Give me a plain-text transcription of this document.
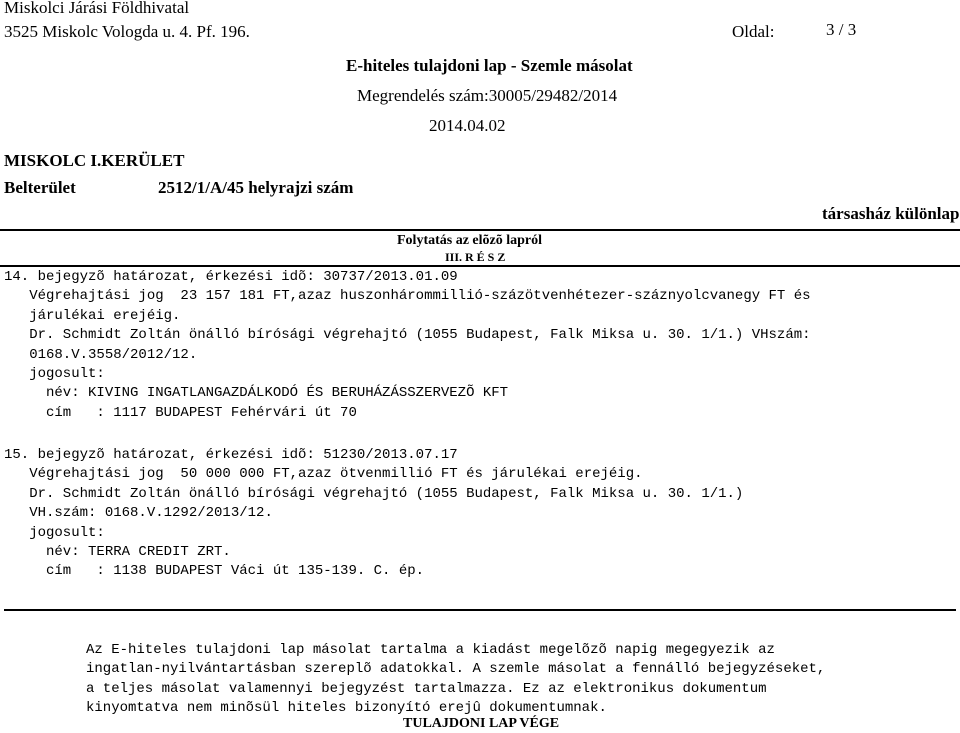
Miskolci Járási Földhivatal
3525 Miskolc Vologda u. 4. Pf. 196.	Oldal:	3 / 3
E-hiteles tulajdoni lap - Szemle másolat
Megrendelés szám:30005/29482/2014
2014.04.02
MISKOLC I.KERÜLET
Belterület	2512/1/A/45 helyrajzi szám
társasház különlap
Folytatás az elõzõ lapról
III. R É S Z
14. bejegyzõ határozat, érkezési idõ: 30737/2013.01.09
Végrehajtási jog  23 157 181 FT,azaz huszonhárommillió-százötvenhétezer-száznyolcvanegy FT és
járulékai erejéig.
Dr. Schmidt Zoltán önálló bírósági végrehajtó (1055 Budapest, Falk Miksa u. 30. 1/1.) VHszám:
0168.V.3558/2012/12.
jogosult:
név: KIVING INGATLANGAZDÁLKODÓ ÉS BERUHÁZÁSSZERVEZÕ KFT
cím   : 1117 BUDAPEST Fehérvári út 70
15. bejegyzõ határozat, érkezési idõ: 51230/2013.07.17
Végrehajtási jog  50 000 000 FT,azaz ötvenmillió FT és járulékai erejéig.
Dr. Schmidt Zoltán önálló bírósági végrehajtó (1055 Budapest, Falk Miksa u. 30. 1/1.)
VH.szám: 0168.V.1292/2013/12.
jogosult:
név: TERRA CREDIT ZRT.
cím   : 1138 BUDAPEST Váci út 135-139. C. ép.
Az E-hiteles tulajdoni lap másolat tartalma a kiadást megelõzõ napig megegyezik az
ingatlan-nyilvántartásban szereplõ adatokkal. A szemle másolat a fennálló bejegyzéseket,
a teljes másolat valamennyi bejegyzést tartalmazza. Ez az elektronikus dokumentum
kinyomtatva nem minõsül hiteles bizonyító erejû dokumentumnak.
TULAJDONI LAP VÉGE
